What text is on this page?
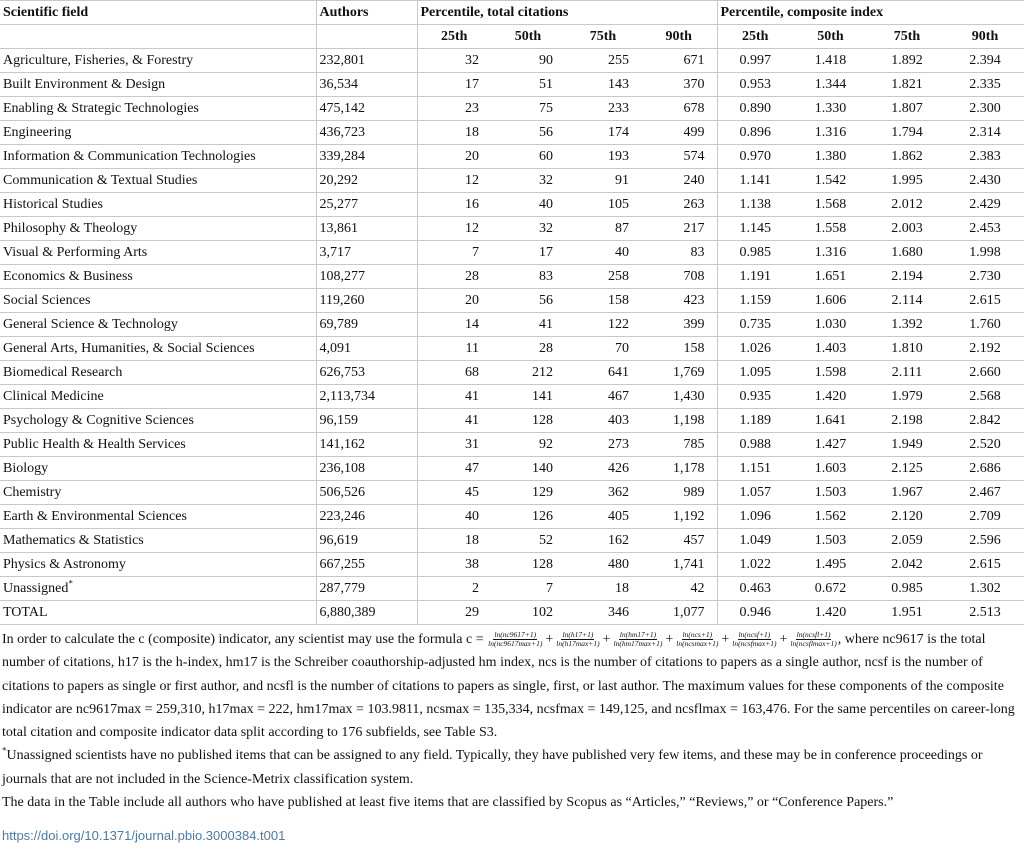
Scientific field	Authors	Percentile, total citations				Percentile, composite index			
		25th	50th	75th	90th	25th	50th	75th	90th
Agriculture, Fisheries, & Forestry	232,801	32	90	255	671	0.997	1.418	1.892	2.394
Built Environment & Design	36,534	17	51	143	370	0.953	1.344	1.821	2.335
Enabling & Strategic Technologies	475,142	23	75	233	678	0.890	1.330	1.807	2.300
Engineering	436,723	18	56	174	499	0.896	1.316	1.794	2.314
Information & Communication Technologies	339,284	20	60	193	574	0.970	1.380	1.862	2.383
Communication & Textual Studies	20,292	12	32	91	240	1.141	1.542	1.995	2.430
Historical Studies	25,277	16	40	105	263	1.138	1.568	2.012	2.429
Philosophy & Theology	13,861	12	32	87	217	1.145	1.558	2.003	2.453
Visual & Performing Arts	3,717	7	17	40	83	0.985	1.316	1.680	1.998
Economics & Business	108,277	28	83	258	708	1.191	1.651	2.194	2.730
Social Sciences	119,260	20	56	158	423	1.159	1.606	2.114	2.615
General Science & Technology	69,789	14	41	122	399	0.735	1.030	1.392	1.760
General Arts, Humanities, & Social Sciences	4,091	11	28	70	158	1.026	1.403	1.810	2.192
Biomedical Research	626,753	68	212	641	1,769	1.095	1.598	2.111	2.660
Clinical Medicine	2,113,734	41	141	467	1,430	0.935	1.420	1.979	2.568
Psychology & Cognitive Sciences	96,159	41	128	403	1,198	1.189	1.641	2.198	2.842
Public Health & Health Services	141,162	31	92	273	785	0.988	1.427	1.949	2.520
Biology	236,108	47	140	426	1,178	1.151	1.603	2.125	2.686
Chemistry	506,526	45	129	362	989	1.057	1.503	1.967	2.467
Earth & Environmental Sciences	223,246	40	126	405	1,192	1.096	1.562	2.120	2.709
Mathematics & Statistics	96,619	18	52	162	457	1.049	1.503	2.059	2.596
Physics & Astronomy	667,255	38	128	480	1,741	1.022	1.495	2.042	2.615
Unassigned*	287,779	2	7	18	42	0.463	0.672	0.985	1.302
TOTAL	6,880,389	29	102	346	1,077	0.946	1.420	1.951	2.513

In order to calculate the c (composite) indicator, any scientist may use the formula $c = \frac{\ln(nc9617+1)}{\ln(nc9617\max+1)} + \frac{\ln(h17+1)}{\ln(h17\max+1)} + \frac{\ln(hm17+1)}{\ln(hm17\max+1)} + \frac{\text{ln(ncs+1)}}{\text{ln(ncsmax+1)}} + \frac{\text{ln(ncsf+1)}}{\text{ln(ncsfmax+1)}} + \frac{\text{ln(ncsfl+1)}}{\text{ln(ncsflmax+1)}}$ , where nc9617 is the total number of citations, h17 is the h-index, hm17 is the Schreiber coauthorship-adjusted hm index, ncs is the number of citations to papers as a single author, ncsf is the number of citations to papers as single or first author, and ncsfl is the number of citations to papers as single, first, or last author. The maximum values for these components of the composite indicator are nc9617max = 259,310, h17max = 222, hm17max = 103.9811, ncsmax = 135,334, ncsfmax = 149,125, and ncsflmax = 163,476. For the same percentiles on career-long total citation and composite indicator data split according to 176 subfields, see Table S3.

*Unassigned scientists have no published items that can be assigned to any field. Typically, they have published very few items, and these may be in conference proceedings or journals that are not included in the Science-Metrix classification system.

The data in the Table include all authors who have published at least five items that are classified by Scopus as “Articles,” “Reviews,” or “Conference Papers.”

https://doi.org/10.1371/journal.pbio.3000384.t001
